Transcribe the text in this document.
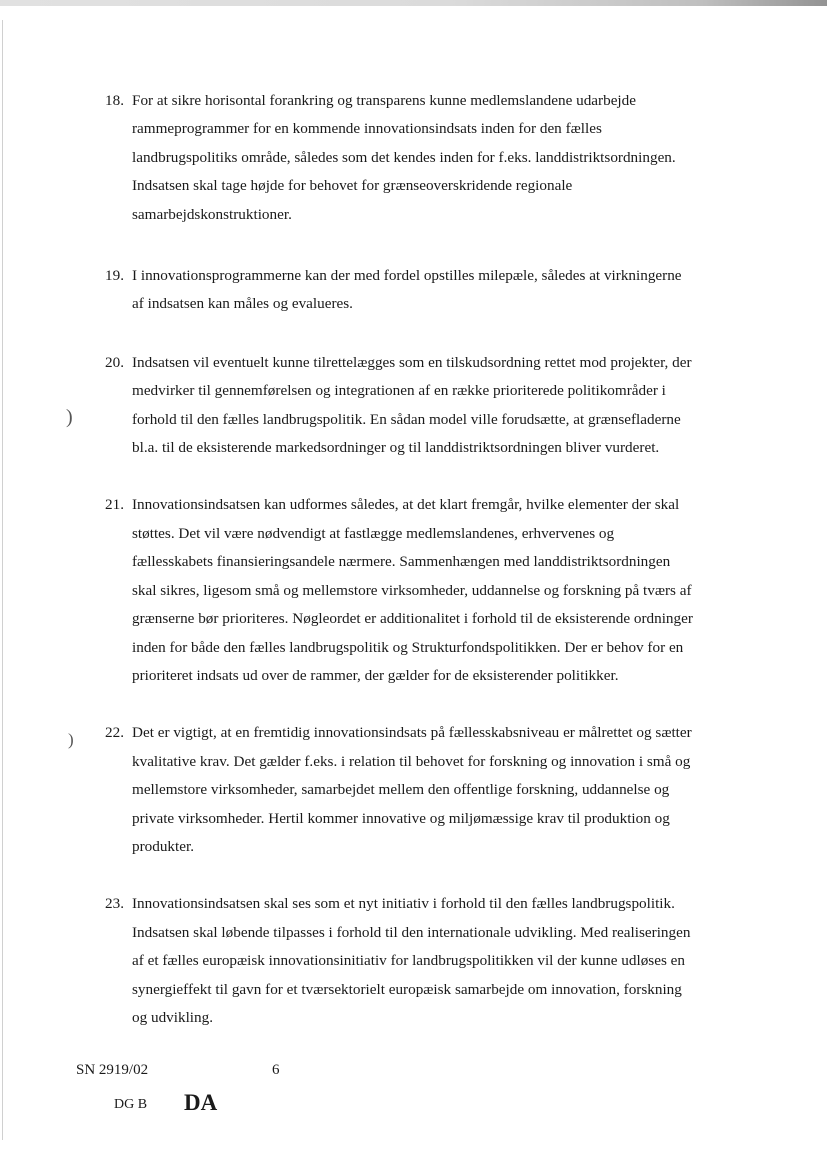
)
)
18. For at sikre horisontal forankring og transparens kunne medlemslandene udarbejde
rammeprogrammer for en kommende innovationsindsats inden for den fælles
landbrugspolitiks område, således som det kendes inden for f.eks. landdistriktsordningen.
Indsatsen skal tage højde for behovet for grænseoverskridende regionale
samarbejdskonstruktioner.
19. I innovationsprogrammerne kan der med fordel opstilles milepæle, således at virkningerne
af indsatsen kan måles og evalueres.
20. Indsatsen vil eventuelt kunne tilrettelægges som en tilskudsordning rettet mod projekter, der
medvirker til gennemførelsen og integrationen af en række prioriterede politikområder i
forhold til den fælles landbrugspolitik. En sådan model ville forudsætte, at grænsefladerne
bl.a. til de eksisterende markedsordninger og til landdistriktsordningen bliver vurderet.
21. Innovationsindsatsen kan udformes således, at det klart fremgår, hvilke elementer der skal
støttes. Det vil være nødvendigt at fastlægge medlemslandenes, erhvervenes og
fællesskabets finansieringsandele nærmere. Sammenhængen med landdistriktsordningen
skal sikres, ligesom små og mellemstore virksomheder, uddannelse og forskning på tværs af
grænserne bør prioriteres. Nøgleordet er additionalitet i forhold til de eksisterende ordninger
inden for både den fælles landbrugspolitik og Strukturfondspolitikken. Der er behov for en
prioriteret indsats ud over de rammer, der gælder for de eksisterender politikker.
22. Det er vigtigt, at en fremtidig innovationsindsats på fællesskabsniveau er målrettet og sætter
kvalitative krav. Det gælder f.eks. i relation til behovet for forskning og innovation i små og
mellemstore virksomheder, samarbejdet mellem den offentlige forskning, uddannelse og
private virksomheder. Hertil kommer innovative og miljømæssige krav til produktion og
produkter.
23. Innovationsindsatsen skal ses som et nyt initiativ i forhold til den fælles landbrugspolitik.
Indsatsen skal løbende tilpasses i forhold til den internationale udvikling. Med realiseringen
af et fælles europæisk innovationsinitiativ for landbrugspolitikken vil der kunne udløses en
synergieffekt til gavn for et tværsektorielt europæisk samarbejde om innovation, forskning
og udvikling.
SN 2919/02	6
DG B DA
